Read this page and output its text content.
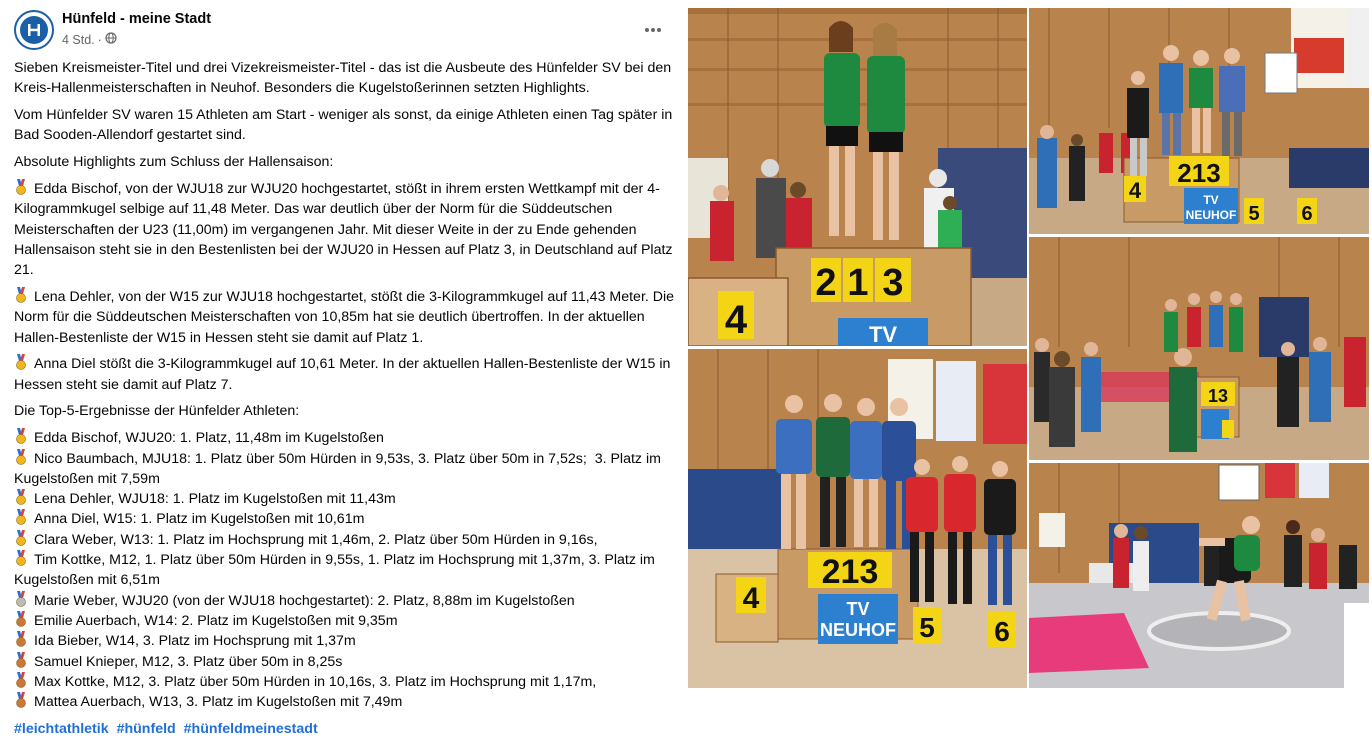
Hünfeld - meine Stadt
4 Std. ·

Sieben Kreismeister-Titel und drei Vizekreismeister-Titel - das ist die Ausbeute des Hünfelder SV bei den Kreis-Hallenmeisterschaften in Neuhof. Besonders die Kugelstoßerinnen setzten Highlights.

Vom Hünfelder SV waren 15 Athleten am Start - weniger als sonst, da einige Athleten einen Tag später in Bad Sooden-Allendorf gestartet sind.

Absolute Highlights zum Schluss der Hallensaison:

Edda Bischof, von der WJU18 zur WJU20 hochgestartet, stößt in ihrem ersten Wettkampf mit der 4-Kilogrammkugel selbige auf 11,48 Meter. Das war deutlich über der Norm für die Süddeutschen Meisterschaften der U23 (11,00m) im vergangenen Jahr. Mit dieser Weite in der zu Ende gehenden Hallensaison steht sie in den Bestenlisten bei der WJU20 in Hessen auf Platz 3, in Deutschland auf Platz 21.
Lena Dehler, von der W15 zur WJU18 hochgestartet, stößt die 3-Kilogrammkugel auf 11,43 Meter. Die Norm für die Süddeutschen Meisterschaften von 10,85m hat sie deutlich übertroffen. In der aktuellen Hallen-Bestenliste der W15 in Hessen steht sie damit auf Platz 1.
Anna Diel stößt die 3-Kilogrammkugel auf 10,61 Meter. In der aktuellen Hallen-Bestenliste der W15 in Hessen steht sie damit auf Platz 7.

Die Top-5-Ergebnisse der Hünfelder Athleten:

Edda Bischof, WJU20: 1. Platz, 11,48m im Kugelstoßen
Nico Baumbach, MJU18: 1. Platz über 50m Hürden in 9,53s, 3. Platz über 50m in 7,52s;  3. Platz im Kugelstoßen mit 7,59m
Lena Dehler, WJU18: 1. Platz im Kugelstoßen mit 11,43m
Anna Diel, W15: 1. Platz im Kugelstoßen mit 10,61m
Clara Weber, W13: 1. Platz im Hochsprung mit 1,46m, 2. Platz über 50m Hürden in 9,16s,
Tim Kottke, M12, 1. Platz über 50m Hürden in 9,55s, 1. Platz im Hochsprung mit 1,37m, 3. Platz im Kugelstoßen mit 6,51m
Marie Weber, WJU20 (von der WJU18 hochgestartet): 2. Platz, 8,88m im Kugelstoßen
Emilie Auerbach, W14: 2. Platz im Kugelstoßen mit 9,35m
Ida Bieber, W14, 3. Platz im Hochsprung mit 1,37m
Samuel Knieper, M12, 3. Platz über 50m in 8,25s
Max Kottke, M12, 3. Platz über 50m Hürden in 10,16s, 3. Platz im Hochsprung mit 1,17m,
Mattea Auerbach, W13, 3. Platz im Kugelstoßen mit 7,49m
#leichtathletik #hünfeld #hünfeldmeinestadt
2 1 3
4	TV
213
4	TV
NEUHOF 5 6
13
213
4	TV
NEUHOF 5 6
